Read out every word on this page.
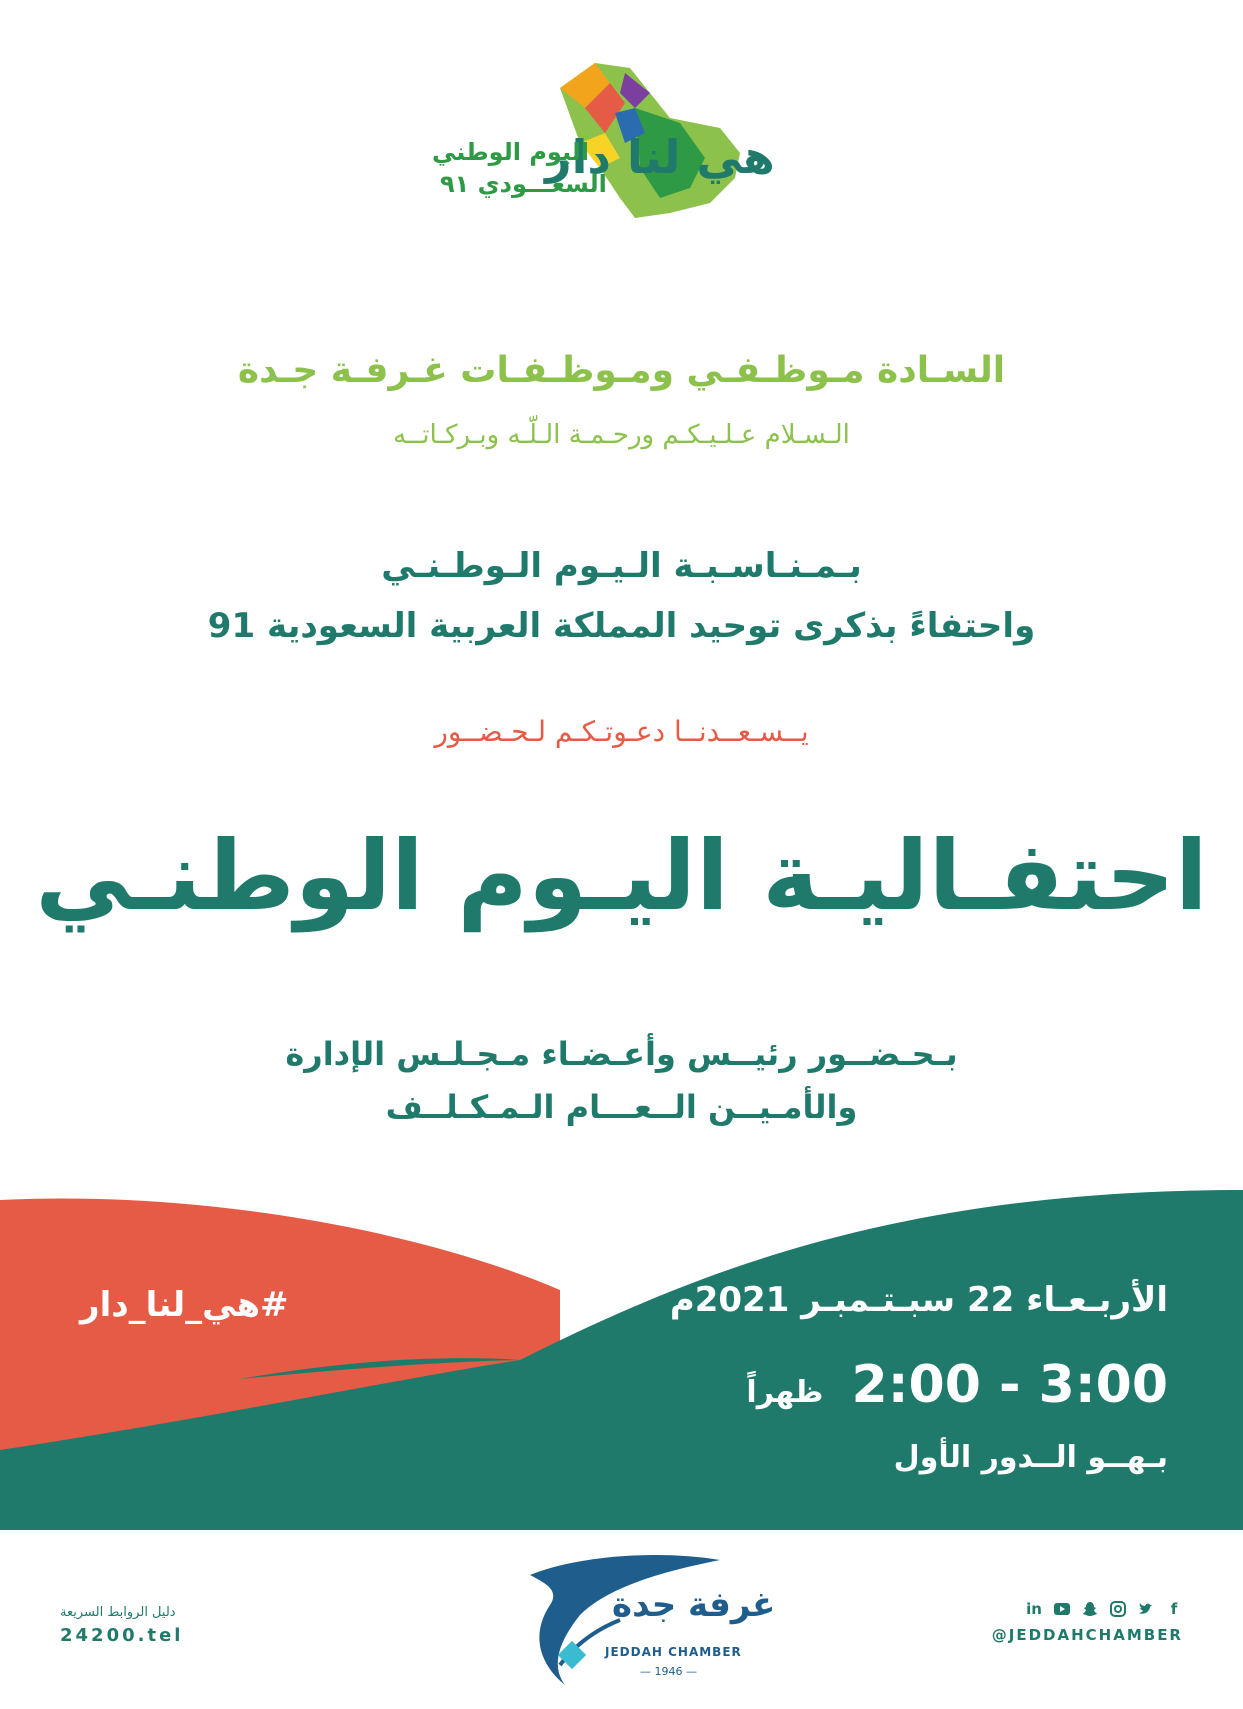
هي لنا دار
اليوم الوطني
السعـــودي ٩١
السـادة مـوظـفـي ومـوظـفـات غـرفـة جـدة
الـسـلام عـلـيـكـم ورحـمـة الـلّـه وبـركـاتــه
بـمـنـاسـبـة الـيـوم الـوطـنـي
واحتفاءً بذكرى توحيد المملكة العربية السعودية 91
يــسـعــدنــا دعـوتـكـم لـحـضــور
احتفـاليـة اليـوم الوطنـي
بـحـضــور رئيــس وأعـضـاء مـجـلـس الإدارة
والأمـيــن الــعـــام الـمـكـلــف
#هي_لنا_دار	الأربـعـاء 22 سبـتـمبـر 2021م
2:00 - 3:00 ظهراً
بـهــو الــدور الأول
دليل الروابط السريعة
24200.tel
غرفة جدة
JEDDAH CHAMBER
— 1946 —
in	f
@JEDDAHCHAMBER
